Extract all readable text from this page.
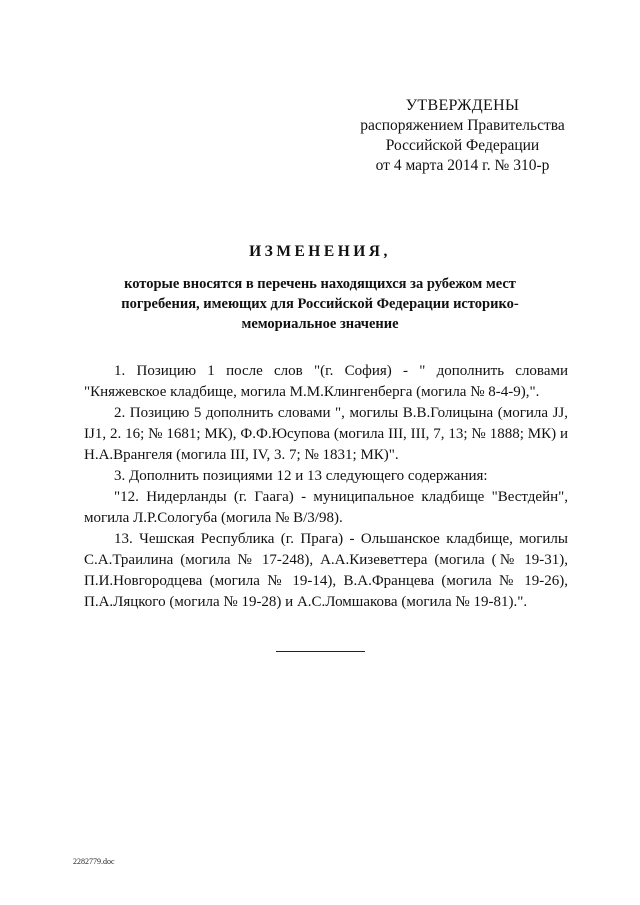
УТВЕРЖДЕНЫ
распоряжением Правительства
Российской Федерации
от 4 марта 2014 г. № 310-р
ИЗМЕНЕНИЯ,
которые вносятся в перечень находящихся за рубежом мест
погребения, имеющих для Российской Федерации историко-
мемориальное значение

1. Позицию 1 после слов "(г. София) - " дополнить словами "Княжевское кладбище, могила М.М.Клингенберга (могила № 8-4-9),".

2. Позицию 5 дополнить словами ", могилы В.В.Голицына (могила JJ, IJ1, 2. 16; № 1681; МК), Ф.Ф.Юсупова (могила III, III, 7, 13; № 1888; МК) и Н.А.Врангеля (могила III, IV, 3. 7; № 1831; МК)".

3. Дополнить позициями 12 и 13 следующего содержания:

"12. Нидерланды (г. Гаага) - муниципальное кладбище "Вестдейн", могила Л.Р.Сологуба (могила № В/3/98).

13. Чешская Республика (г. Прага) - Ольшанское кладбище, могилы С.А.Траилина (могила № 17-248), А.А.Кизеветтера (могила (№ 19-31), П.И.Новгородцева (могила № 19-14), В.А.Францева (могила № 19-26), П.А.Ляцкого (могила № 19-28) и А.С.Ломшакова (могила № 19-81).".

2282779.doc
